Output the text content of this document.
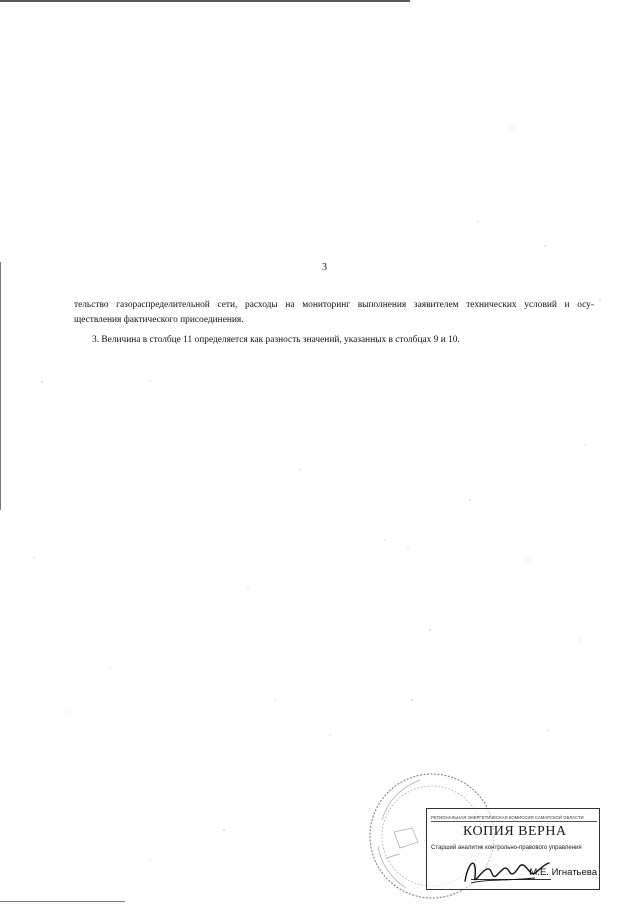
3

тельство газораспределительной сети, расходы на мониторинг выполнения заявителем технических условий и осу-
ществления фактического присоединения.

3. Величина в столбце 11 определяется как разность значений, указанных в столбцах 9 и 10.

РЕГИОНАЛЬНАЯ ЭНЕРГЕТИЧЕСКАЯ КОМИССИЯ САМАРСКОЙ ОБЛАСТИ
КОПИЯ ВЕРНА
Старший аналитик контрольно-правового управления
М.Е. Игнатьева
